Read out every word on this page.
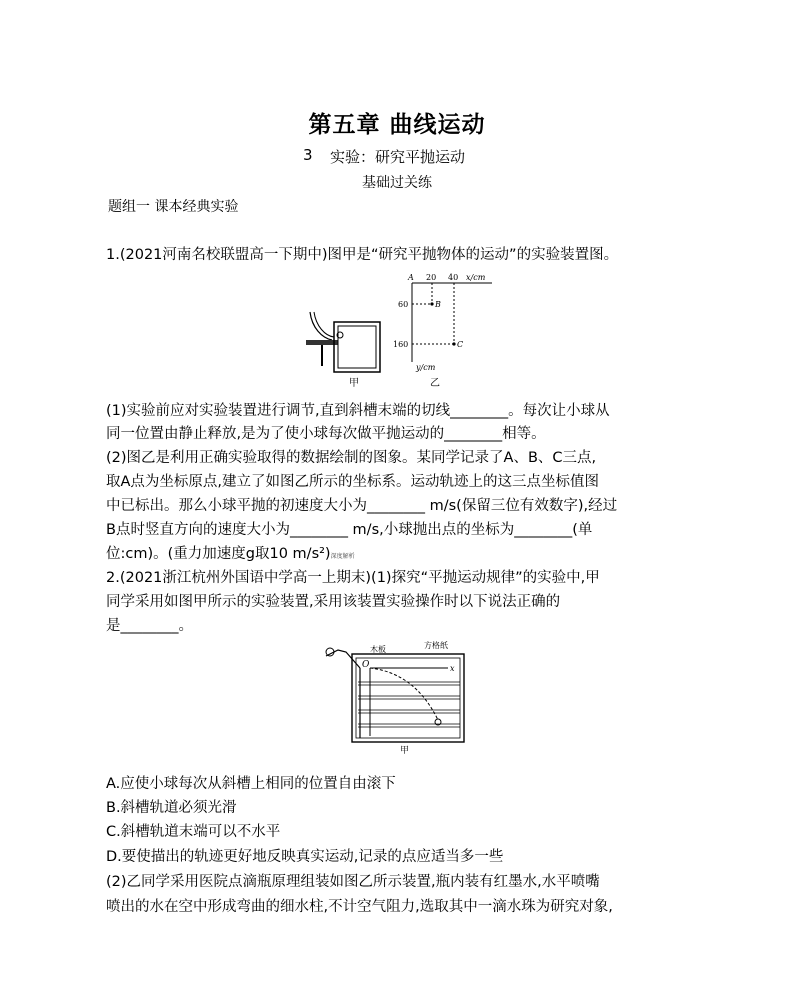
第五章 曲线运动
3 实验：研究平抛运动
基础过关练
题组一 课本经典实验
1.(2021河南名校联盟高一下期中)图甲是“研究平抛物体的运动”的实验装置图。
甲
A 20 40 x/cm
60
160
y/cm
B
C
乙
(1)实验前应对实验装置进行调节,直到斜槽末端的切线________。每次让小球从
同一位置由静止释放,是为了使小球每次做平抛运动的________相等。
(2)图乙是利用正确实验取得的数据绘制的图象。某同学记录了A、B、C三点,
取A点为坐标原点,建立了如图乙所示的坐标系。运动轨迹上的这三点坐标值图
中已标出。那么小球平抛的初速度大小为________ m/s(保留三位有效数字),经过
B点时竖直方向的速度大小为________ m/s,小球抛出点的坐标为________(单
位:cm)。(重力加速度g取10 m/s²)深度解析
2.(2021浙江杭州外国语中学高一上期末)(1)探究“平抛运动规律”的实验中,甲
同学采用如图甲所示的实验装置,采用该装置实验操作时以下说法正确的
是________。
O	x
木板	方格纸
甲
A.应使小球每次从斜槽上相同的位置自由滚下
B.斜槽轨道必须光滑
C.斜槽轨道末端可以不水平
D.要使描出的轨迹更好地反映真实运动,记录的点应适当多一些
(2)乙同学采用医院点滴瓶原理组装如图乙所示装置,瓶内装有红墨水,水平喷嘴
喷出的水在空中形成弯曲的细水柱,不计空气阻力,选取其中一滴水珠为研究对象,
